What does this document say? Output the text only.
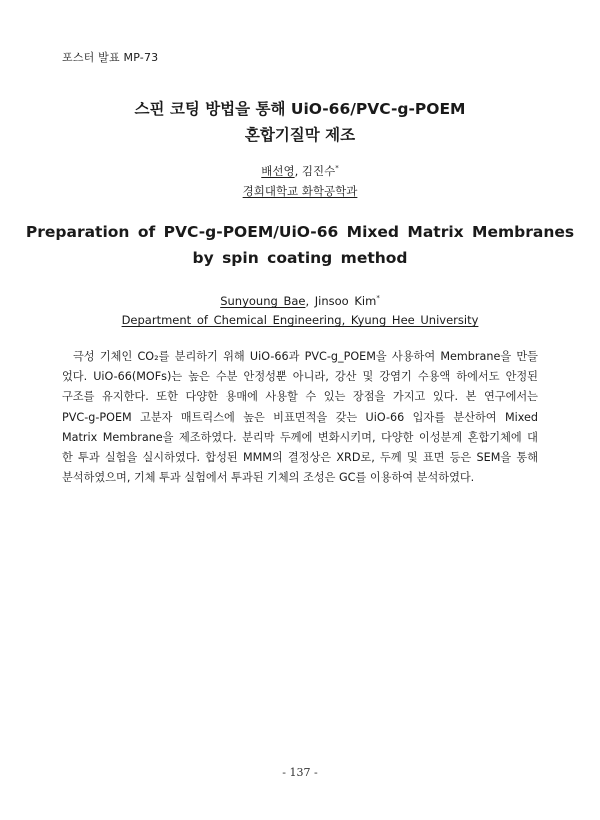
포스터 발표 MP-73
스핀 코팅 방법을 통해 UiO-66/PVC-g-POEM
혼합기질막 제조
배선영, 김진수*
경희대학교 화학공학과
Preparation of PVC-g-POEM/UiO-66 Mixed Matrix Membranes
by spin coating method
Sunyoung Bae, Jinsoo Kim*
Department of Chemical Engineering, Kyung Hee University
극성 기체인 CO₂를 분리하기 위해 UiO-66과 PVC-g_POEM을 사용하여 Membrane을 만들
었다. UiO-66(MOFs)는 높은 수분 안정성뿐 아니라, 강산 및 강염기 수용액 하에서도 안정된
구조를 유지한다. 또한 다양한 용매에 사용할 수 있는 장점을 가지고 있다. 본 연구에서는
PVC-g-POEM 고분자 매트릭스에 높은 비표면적을 갖는 UiO-66 입자를 분산하여 Mixed
Matrix Membrane을 제조하였다. 분리막 두께에 변화시키며, 다양한 이성분계 혼합기체에 대
한 투과 실험을 실시하였다. 합성된 MMM의 결정상은 XRD로, 두께 및 표면 등은 SEM을 통해
분석하였으며, 기체 투과 실험에서 투과된 기체의 조성은 GC를 이용하여 분석하였다.
- 137 -
